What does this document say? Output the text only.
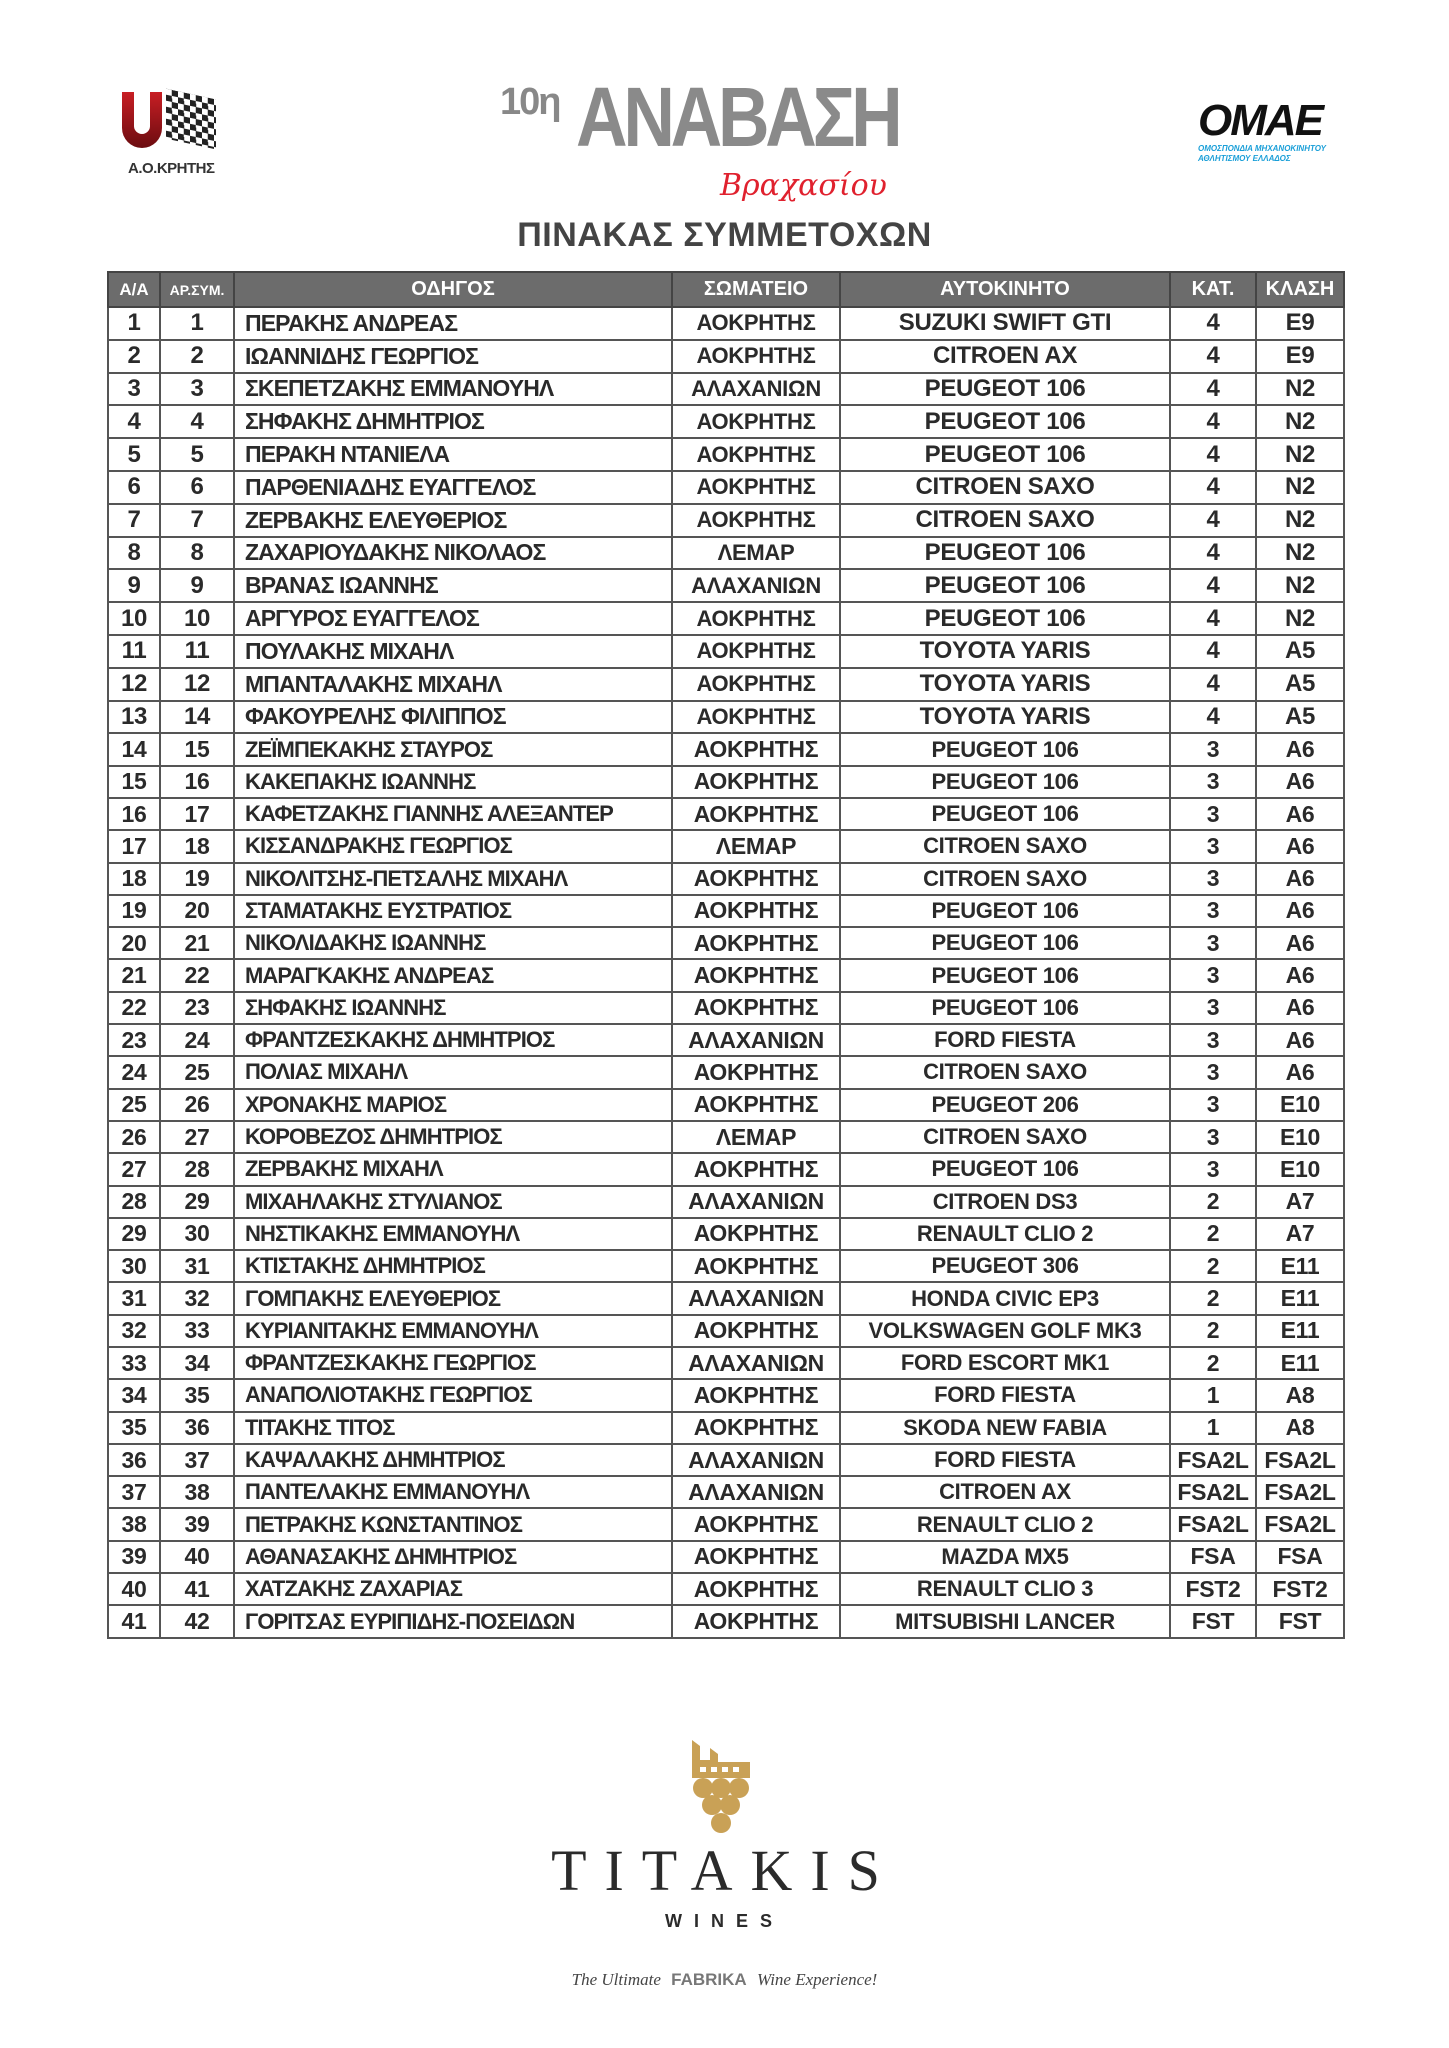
Α.Ο.ΚΡΗΤΗΣ
10η ΑΝΑΒΑΣΗ
Βραχασίου
ΟΜΑΕ
ΟΜΟΣΠΟΝΔΙΑ ΜΗΧΑΝΟΚΙΝΗΤΟΥ ΑΘΛΗΤΙΣΜΟΥ ΕΛΛΑΔΟΣ
ΠΙΝΑΚΑΣ ΣΥΜΜΕΤΟΧΩΝ
Α/Α	ΑΡ.ΣΥΜ.	ΟΔΗΓΟΣ	ΣΩΜΑΤΕΙΟ	ΑΥΤΟΚΙΝΗΤΟ	ΚΑΤ.	ΚΛΑΣΗ
1	1	ΠΕΡΑΚΗΣ ΑΝΔΡΕΑΣ	ΑΟΚΡΗΤΗΣ	SUZUKI SWIFT GTI	4	E9
2	2	ΙΩΑΝΝΙΔΗΣ ΓΕΩΡΓΙΟΣ	ΑΟΚΡΗΤΗΣ	CITROEN AX	4	E9
3	3	ΣΚΕΠΕΤΖΑΚΗΣ ΕΜΜΑΝΟΥΗΛ	ΑΛΑΧΑΝΙΩΝ	PEUGEOT 106	4	N2
4	4	ΣΗΦΑΚΗΣ ΔΗΜΗΤΡΙΟΣ	ΑΟΚΡΗΤΗΣ	PEUGEOT 106	4	N2
5	5	ΠΕΡΑΚΗ ΝΤΑΝΙΕΛΑ	ΑΟΚΡΗΤΗΣ	PEUGEOT 106	4	N2
6	6	ΠΑΡΘΕΝΙΑΔΗΣ ΕΥΑΓΓΕΛΟΣ	ΑΟΚΡΗΤΗΣ	CITROEN SAXO	4	N2
7	7	ΖΕΡΒΑΚΗΣ ΕΛΕΥΘΕΡΙΟΣ	ΑΟΚΡΗΤΗΣ	CITROEN SAXO	4	N2
8	8	ΖΑΧΑΡΙΟΥΔΑΚΗΣ ΝΙΚΟΛΑΟΣ	ΛΕΜΑΡ	PEUGEOT 106	4	N2
9	9	ΒΡΑΝΑΣ ΙΩΑΝΝΗΣ	ΑΛΑΧΑΝΙΩΝ	PEUGEOT 106	4	N2
10	10	ΑΡΓΥΡΟΣ ΕΥΑΓΓΕΛΟΣ	ΑΟΚΡΗΤΗΣ	PEUGEOT 106	4	N2
11	11	ΠΟΥΛΑΚΗΣ ΜΙΧΑΗΛ	ΑΟΚΡΗΤΗΣ	TOYOTA YARIS	4	A5
12	12	ΜΠΑΝΤΑΛΑΚΗΣ ΜΙΧΑΗΛ	ΑΟΚΡΗΤΗΣ	TOYOTA YARIS	4	A5
13	14	ΦΑΚΟΥΡΕΛΗΣ ΦΙΛΙΠΠΟΣ	ΑΟΚΡΗΤΗΣ	TOYOTA YARIS	4	A5
14	15	ΖΕΪΜΠΕΚΑΚΗΣ ΣΤΑΥΡΟΣ	ΑΟΚΡΗΤΗΣ	PEUGEOT 106	3	A6
15	16	ΚΑΚΕΠΑΚΗΣ ΙΩΑΝΝΗΣ	ΑΟΚΡΗΤΗΣ	PEUGEOT 106	3	A6
16	17	ΚΑΦΕΤΖΑΚΗΣ ΓΙΑΝΝΗΣ ΑΛΕΞΑΝΤΕΡ	ΑΟΚΡΗΤΗΣ	PEUGEOT 106	3	A6
17	18	ΚΙΣΣΑΝΔΡΑΚΗΣ ΓΕΩΡΓΙΟΣ	ΛΕΜΑΡ	CITROEN SAXO	3	A6
18	19	ΝΙΚΟΛΙΤΣΗΣ-ΠΕΤΣΑΛΗΣ ΜΙΧΑΗΛ	ΑΟΚΡΗΤΗΣ	CITROEN SAXO	3	A6
19	20	ΣΤΑΜΑΤΑΚΗΣ ΕΥΣΤΡΑΤΙΟΣ	ΑΟΚΡΗΤΗΣ	PEUGEOT 106	3	A6
20	21	ΝΙΚΟΛΙΔΑΚΗΣ ΙΩΑΝΝΗΣ	ΑΟΚΡΗΤΗΣ	PEUGEOT 106	3	A6
21	22	ΜΑΡΑΓΚΑΚΗΣ ΑΝΔΡΕΑΣ	ΑΟΚΡΗΤΗΣ	PEUGEOT 106	3	A6
22	23	ΣΗΦΑΚΗΣ ΙΩΑΝΝΗΣ	ΑΟΚΡΗΤΗΣ	PEUGEOT 106	3	A6
23	24	ΦΡΑΝΤΖΕΣΚΑΚΗΣ ΔΗΜΗΤΡΙΟΣ	ΑΛΑΧΑΝΙΩΝ	FORD FIESTA	3	A6
24	25	ΠΟΛΙΑΣ ΜΙΧΑΗΛ	ΑΟΚΡΗΤΗΣ	CITROEN SAXO	3	A6
25	26	ΧΡΟΝΑΚΗΣ ΜΑΡΙΟΣ	ΑΟΚΡΗΤΗΣ	PEUGEOT 206	3	E10
26	27	ΚΟΡΟΒΕΖΟΣ ΔΗΜΗΤΡΙΟΣ	ΛΕΜΑΡ	CITROEN SAXO	3	E10
27	28	ΖΕΡΒΑΚΗΣ ΜΙΧΑΗΛ	ΑΟΚΡΗΤΗΣ	PEUGEOT 106	3	E10
28	29	ΜΙΧΑΗΛΑΚΗΣ ΣΤΥΛΙΑΝΟΣ	ΑΛΑΧΑΝΙΩΝ	CITROEN DS3	2	A7
29	30	ΝΗΣΤΙΚΑΚΗΣ ΕΜΜΑΝΟΥΗΛ	ΑΟΚΡΗΤΗΣ	RENAULT CLIO 2	2	A7
30	31	ΚΤΙΣΤΑΚΗΣ ΔΗΜΗΤΡΙΟΣ	ΑΟΚΡΗΤΗΣ	PEUGEOT 306	2	E11
31	32	ΓΟΜΠΑΚΗΣ ΕΛΕΥΘΕΡΙΟΣ	ΑΛΑΧΑΝΙΩΝ	HONDA CIVIC EP3	2	E11
32	33	ΚΥΡΙΑΝΙΤΑΚΗΣ ΕΜΜΑΝΟΥΗΛ	ΑΟΚΡΗΤΗΣ	VOLKSWAGEN GOLF MK3	2	E11
33	34	ΦΡΑΝΤΖΕΣΚΑΚΗΣ ΓΕΩΡΓΙΟΣ	ΑΛΑΧΑΝΙΩΝ	FORD ESCORT MK1	2	E11
34	35	ΑΝΑΠΟΛΙΟΤΑΚΗΣ ΓΕΩΡΓΙΟΣ	ΑΟΚΡΗΤΗΣ	FORD FIESTA	1	A8
35	36	ΤΙΤΑΚΗΣ ΤΙΤΟΣ	ΑΟΚΡΗΤΗΣ	SKODA NEW FABIA	1	A8
36	37	ΚΑΨΑΛΑΚΗΣ ΔΗΜΗΤΡΙΟΣ	ΑΛΑΧΑΝΙΩΝ	FORD FIESTA	FSA2L	FSA2L
37	38	ΠΑΝΤΕΛΑΚΗΣ ΕΜΜΑΝΟΥΗΛ	ΑΛΑΧΑΝΙΩΝ	CITROEN AX	FSA2L	FSA2L
38	39	ΠΕΤΡΑΚΗΣ ΚΩΝΣΤΑΝΤΙΝΟΣ	ΑΟΚΡΗΤΗΣ	RENAULT CLIO 2	FSA2L	FSA2L
39	40	ΑΘΑΝΑΣΑΚΗΣ ΔΗΜΗΤΡΙΟΣ	ΑΟΚΡΗΤΗΣ	MAZDA MX5	FSA	FSA
40	41	ΧΑΤΖΑΚΗΣ ΖΑΧΑΡΙΑΣ	ΑΟΚΡΗΤΗΣ	RENAULT CLIO 3	FST2	FST2
41	42	ΓΟΡΙΤΣΑΣ ΕΥΡΙΠΙΔΗΣ-ΠΟΣΕΙΔΩΝ	ΑΟΚΡΗΤΗΣ	MITSUBISHI LANCER	FST	FST
TITAKIS
WINES
The Ultimate FABRIKA Wine Experience!
